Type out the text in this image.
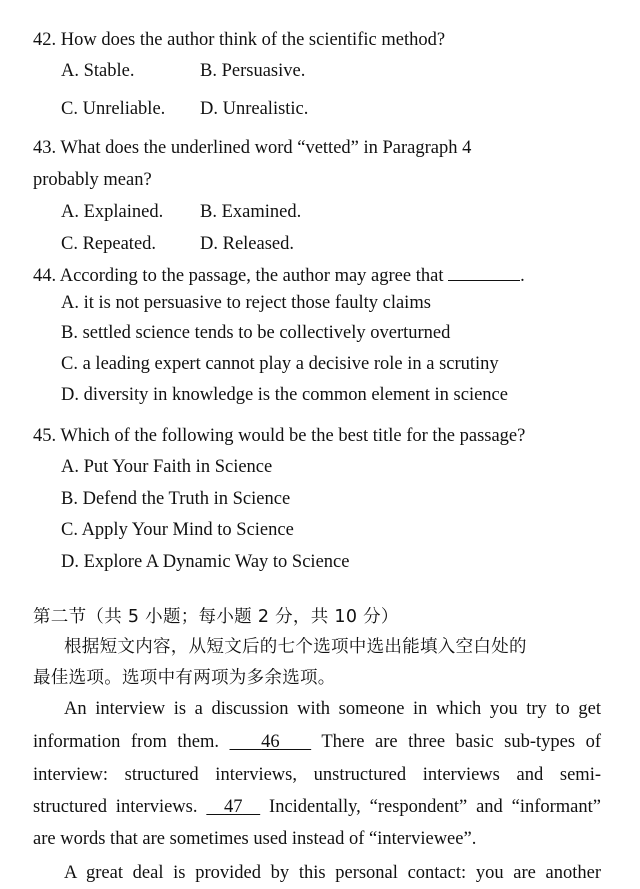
42. How does the author think of the scientific method?
A. Stable.	B. Persuasive.
C. Unreliable. D. Unrealistic.
43. What does the underlined word “vetted” in Paragraph 4
probably mean?
A. Explained. B. Examined.
C. Repeated. D. Released.
44. According to the passage, the author may agree that	.
A. it is not persuasive to reject those faulty claims
B. settled science tends to be collectively overturned
C. a leading expert cannot play a decisive role in a scrutiny
D. diversity in knowledge is the common element in science
45. Which of the following would be the best title for the passage?
A. Put Your Faith in Science
B. Defend the Truth in Science
C. Apply Your Mind to Science
D. Explore A Dynamic Way to Science
第二节（共 5 小题；每小题 2 分，共 10 分）
根据短文内容，从短文后的七个选项中选出能填入空白处的
最佳选项。选项中有两项为多余选项。
An interview is a discussion with someone in which you try to get
information from them. 46 There are three basic sub-types of
interview: structured interviews, unstructured interviews and semi-
structured interviews. 47 Incidentally, “respondent” and “informant”
are words that are sometimes used instead of “interviewee”.
A great deal is provided by this personal contact: you are another
